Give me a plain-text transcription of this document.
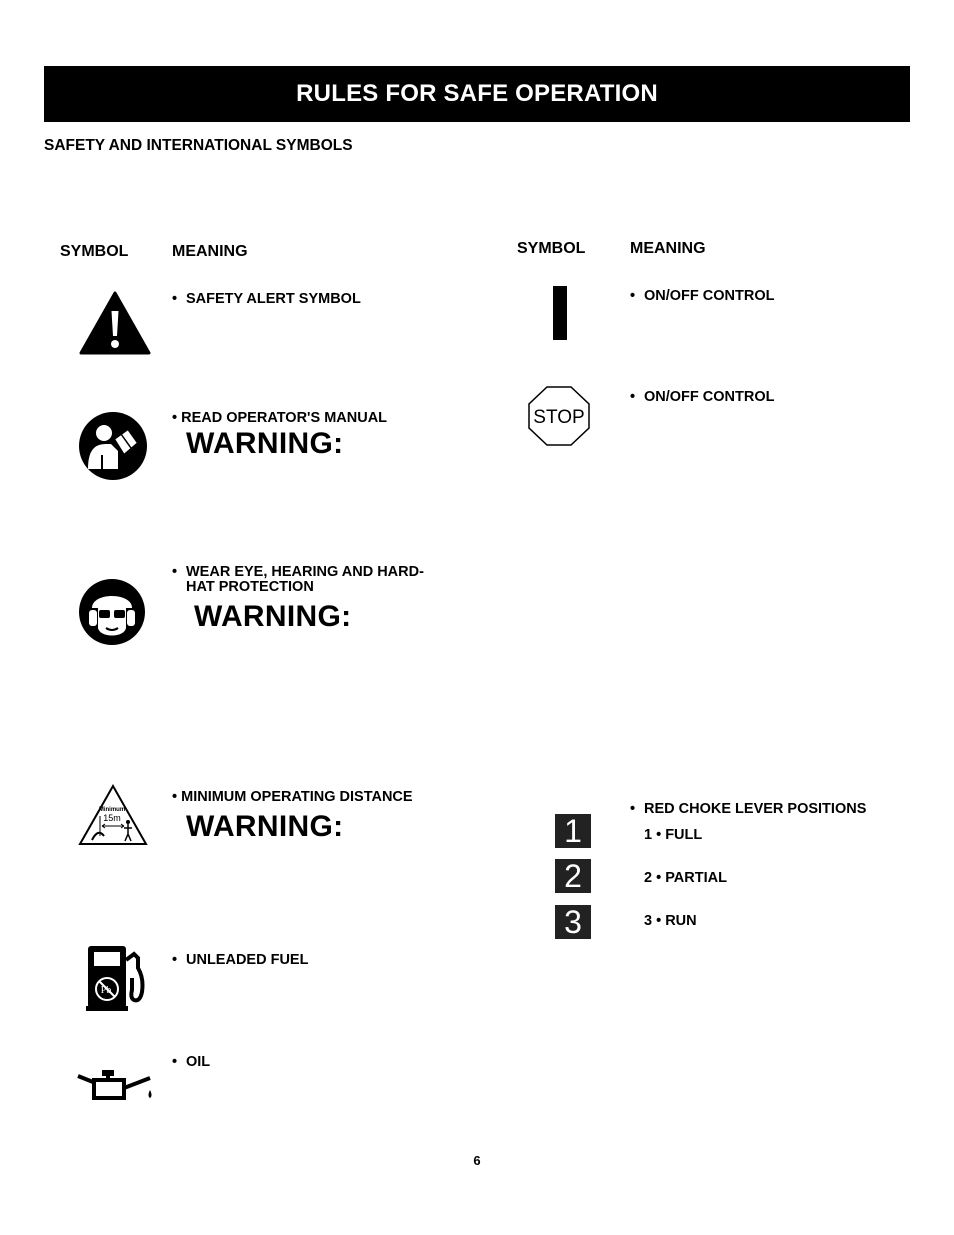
RULES FOR SAFE OPERATION
SAFETY AND INTERNATIONAL SYMBOLS
SYMBOL	MEANING	SYMBOL	MEANING
• SAFETY ALERT SYMBOL
• READ OPERATOR'S MANUAL
WARNING:
• WEAR EYE, HEARING AND HARD-
HAT PROTECTION
WARNING:
Minimum
15m
• MINIMUM OPERATING DISTANCE
WARNING:
Pb
• UNLEADED FUEL
• OIL
• ON/OFF CONTROL
STOP
• ON/OFF CONTROL
• RED CHOKE LEVER POSITIONS
1	1 • FULL
2	2 • PARTIAL
3	3 • RUN
6
